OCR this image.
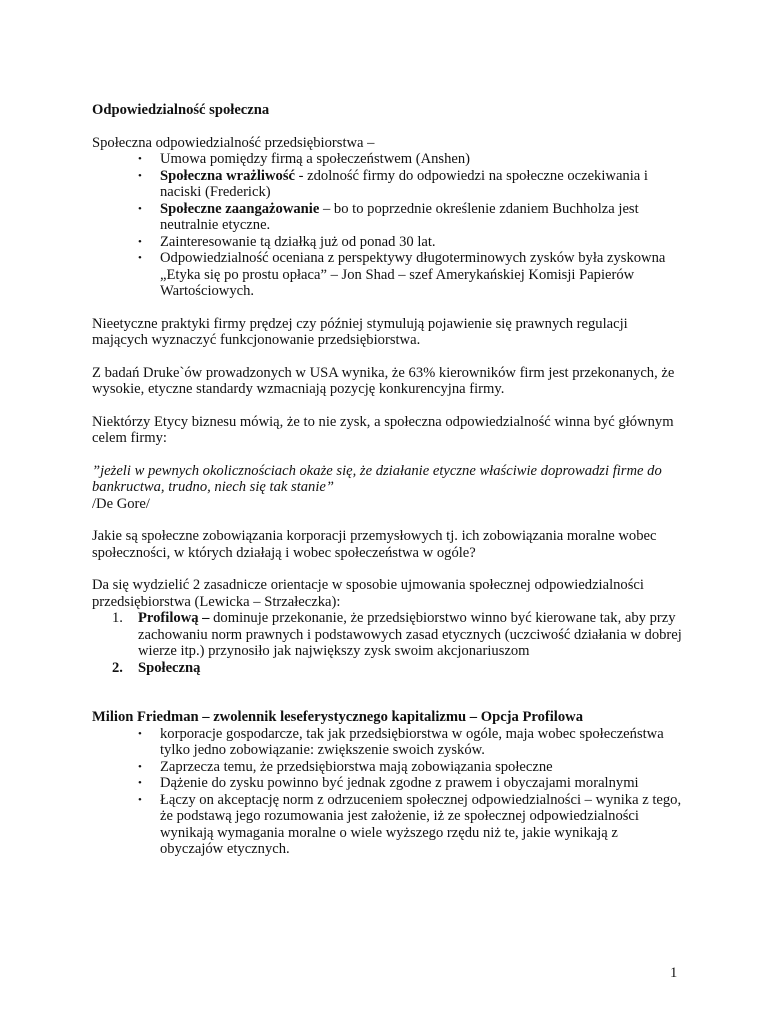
Odpowiedzialność społeczna

Społeczna odpowiedzialność przedsiębiorstwa –

• Umowa pomiędzy firmą a społeczeństwem (Anshen)
• Społeczna wrażliwość - zdolność firmy do odpowiedzi na społeczne oczekiwania i naciski (Frederick)
• Społeczne zaangażowanie – bo to poprzednie określenie zdaniem Buchholza jest neutralnie etyczne.
• Zainteresowanie tą działką już od ponad 30 lat.
• Odpowiedzialność oceniana z perspektywy długoterminowych zysków była zyskowna „Etyka się po prostu opłaca” – Jon Shad – szef Amerykańskiej Komisji Papierów Wartościowych.

Nieetyczne praktyki firmy prędzej czy później stymulują pojawienie się prawnych regulacji mających wyznaczyć funkcjonowanie przedsiębiorstwa.

Z badań Druke`ów prowadzonych w USA wynika, że 63% kierowników firm jest przekonanych, że wysokie, etyczne standardy wzmacniają pozycję konkurencyjna firmy.

Niektórzy Etycy biznesu mówią, że to nie zysk, a społeczna odpowiedzialność winna być głównym celem firmy:

”jeżeli w pewnych okolicznościach okaże się, że działanie etyczne właściwie doprowadzi firme do bankructwa, trudno, niech się tak stanie”

/De Gore/

Jakie są społeczne zobowiązania korporacji przemysłowych tj. ich zobowiązania moralne wobec społeczności, w których działają i wobec społeczeństwa w ogóle?

Da się wydzielić 2 zasadnicze orientacje w sposobie ujmowania społecznej odpowiedzialności przedsiębiorstwa (Lewicka – Strzałeczka):

1. Profilową – dominuje przekonanie, że przedsiębiorstwo winno być kierowane tak, aby przy zachowaniu norm prawnych i podstawowych zasad etycznych (uczciwość działania w dobrej wierze itp.) przynosiło jak największy zysk swoim akcjonariuszom
2. Społeczną

Milion Friedman – zwolennik leseferystycznego kapitalizmu – Opcja Profilowa

• korporacje gospodarcze, tak jak przedsiębiorstwa w ogóle, maja wobec społeczeństwa tylko jedno zobowiązanie: zwiększenie swoich zysków.
• Zaprzecza temu, że przedsiębiorstwa mają zobowiązania społeczne
• Dążenie do zysku powinno być jednak zgodne z prawem i obyczajami moralnymi
• Łączy on akceptację norm z odrzuceniem społecznej odpowiedzialności – wynika z tego, że podstawą jego rozumowania jest założenie, iż ze społecznej odpowiedzialności wynikają wymagania moralne o wiele wyższego rzędu niż te, jakie wynikają z obyczajów etycznych.
1
